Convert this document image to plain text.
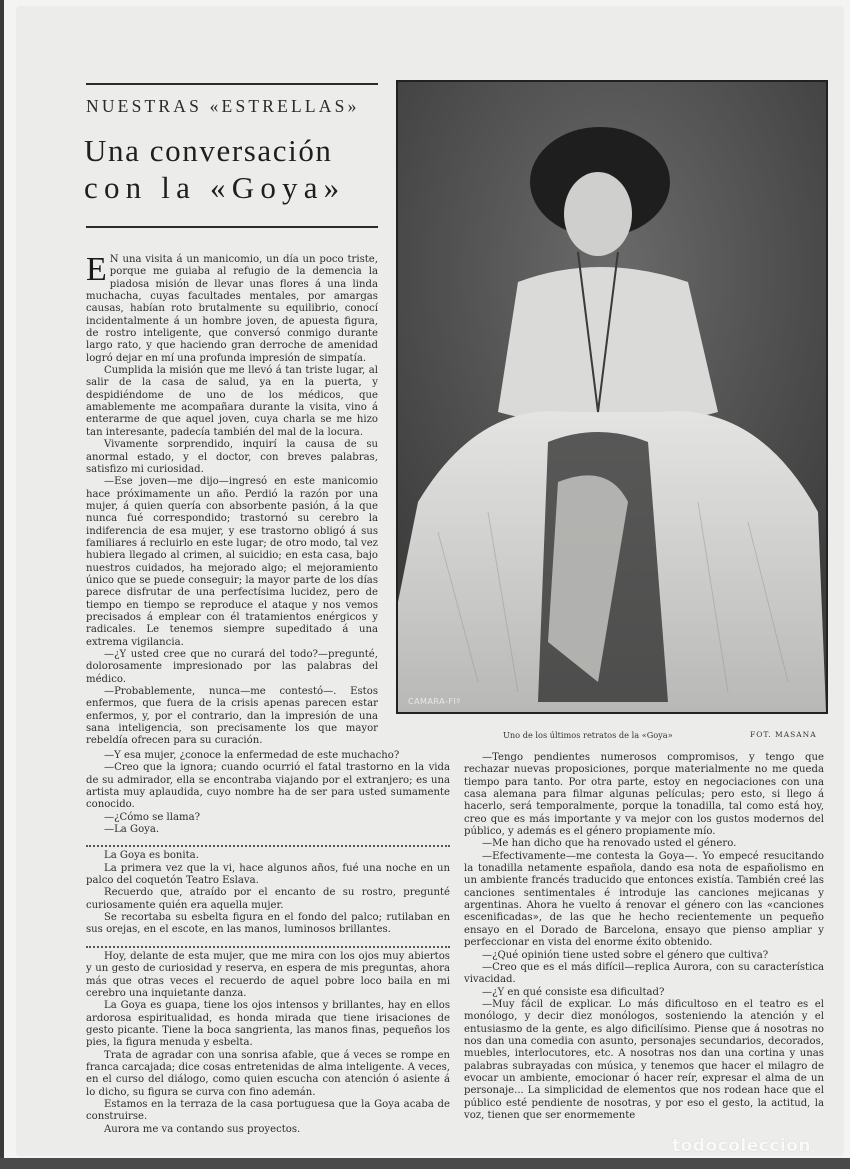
NUESTRAS «ESTRELLAS»
Una conversación
con la «Goya»

E N una visita á un manicomio, un día un poco triste, porque me guiaba al refugio de la demencia la piadosa misión de llevar unas flores á una linda muchacha, cuyas facultades mentales, por amargas causas, habían roto brutalmente su equilibrio, conocí incidentalmente á un hombre joven, de apuesta figura, de rostro inteligente, que conversó conmigo durante largo rato, y que haciendo gran derroche de amenidad logró dejar en mí una profunda impresión de simpatía.

Cumplida la misión que me llevó á tan triste lugar, al salir de la casa de salud, ya en la puerta, y despidiéndome de uno de los médicos, que amablemente me acompañara durante la visita, vino á enterarme de que aquel joven, cuya charla se me hizo tan interesante, padecía también del mal de la locura.

Vivamente sorprendido, inquirí la causa de su anormal estado, y el doctor, con breves palabras, satisfizo mi curiosidad.

—Ese joven—me dijo—ingresó en este manicomio hace próximamente un año. Perdió la razón por una mujer, á quien quería con absorbente pasión, á la que nunca fué correspondido; trastornó su cerebro la indiferencia de esa mujer, y ese trastorno obligó á sus familiares á recluirlo en este lugar; de otro modo, tal vez hubiera llegado al crimen, al suicidio; en esta casa, bajo nuestros cuidados, ha mejorado algo; el mejoramiento único que se puede conseguir; la mayor parte de los días parece disfrutar de una perfectísima lucidez, pero de tiempo en tiempo se reproduce el ataque y nos vemos precisados á emplear con él tratamientos enérgicos y radicales. Le tenemos siempre supeditado á una extrema vigilancia.

—¿Y usted cree que no curará del todo?—pregunté, dolorosamente impresionado por las palabras del médico.

—Probablemente, nunca—me contestó—. Estos enfermos, que fuera de la crisis apenas parecen estar enfermos, y, por el contrario, dan la impresión de una sana inteligencia, son precisamente los que mayor rebeldía ofrecen para su curación.

CAMARA-FIº
Uno de los últimos retratos de la «Goya»	FOT. MASANA

—Y esa mujer, ¿conoce la enfermedad de este muchacho?

—Creo que la ignora; cuando ocurrió el fatal trastorno en la vida de su admirador, ella se encontraba viajando por el extranjero; es una artista muy aplaudida, cuyo nombre ha de ser para usted sumamente conocido.

—¿Cómo se llama?

—La Goya.

La Goya es bonita.

La primera vez que la vi, hace algunos años, fué una noche en un palco del coquetón Teatro Eslava.

Recuerdo que, atraído por el encanto de su rostro, pregunté curiosamente quién era aquella mujer.

Se recortaba su esbelta figura en el fondo del palco; rutilaban en sus orejas, en el escote, en las manos, luminosos brillantes.

Hoy, delante de esta mujer, que me mira con los ojos muy abiertos y un gesto de curiosidad y reserva, en espera de mis preguntas, ahora más que otras veces el recuerdo de aquel pobre loco baila en mi cerebro una inquietante danza.

La Goya es guapa, tiene los ojos intensos y brillantes, hay en ellos ardorosa espiritualidad, es honda mirada que tiene irisaciones de gesto picante. Tiene la boca sangrienta, las manos finas, pequeños los pies, la figura menuda y esbelta.

Trata de agradar con una sonrisa afable, que á veces se rompe en franca carcajada; dice cosas entretenidas de alma inteligente. A veces, en el curso del diálogo, como quien escucha con atención ó asiente á lo dicho, su figura se curva con fino ademán.

Estamos en la terraza de la casa portuguesa que la Goya acaba de construirse.

Aurora me va contando sus proyectos.

—Tengo pendientes numerosos compromisos, y tengo que rechazar nuevas proposiciones, porque materialmente no me queda tiempo para tanto. Por otra parte, estoy en negociaciones con una casa alemana para filmar algunas películas; pero esto, si llego á hacerlo, será temporalmente, porque la tonadilla, tal como está hoy, creo que es más importante y va mejor con los gustos modernos del público, y además es el género propiamente mío.

—Me han dicho que ha renovado usted el género.

—Efectivamente—me contesta la Goya—. Yo empecé resucitando la tonadilla netamente española, dando esa nota de españolismo en un ambiente francés traducido que entonces existía. También creé las canciones sentimentales é introduje las canciones mejicanas y argentinas. Ahora he vuelto á renovar el género con las «canciones escenificadas», de las que he hecho recientemente un pequeño ensayo en el Dorado de Barcelona, ensayo que pienso ampliar y perfeccionar en vista del enorme éxito obtenido.

—¿Qué opinión tiene usted sobre el género que cultiva?

—Creo que es el más difícil—replica Aurora, con su característica vivacidad.

—¿Y en qué consiste esa dificultad?

—Muy fácil de explicar. Lo más dificultoso en el teatro es el monólogo, y decir diez monólogos, sosteniendo la atención y el entusiasmo de la gente, es algo dificilísimo. Piense que á nosotras no nos dan una comedia con asunto, personajes secundarios, decorados, muebles, interlocutores, etc. A nosotras nos dan una cortina y unas palabras subrayadas con música, y tenemos que hacer el milagro de evocar un ambiente, emocionar ó hacer reír, expresar el alma de un personaje... La simplicidad de elementos que nos rodean hace que el público esté pendiente de nosotras, y por eso el gesto, la actitud, la voz, tienen que ser enormemente

todocoleccion
